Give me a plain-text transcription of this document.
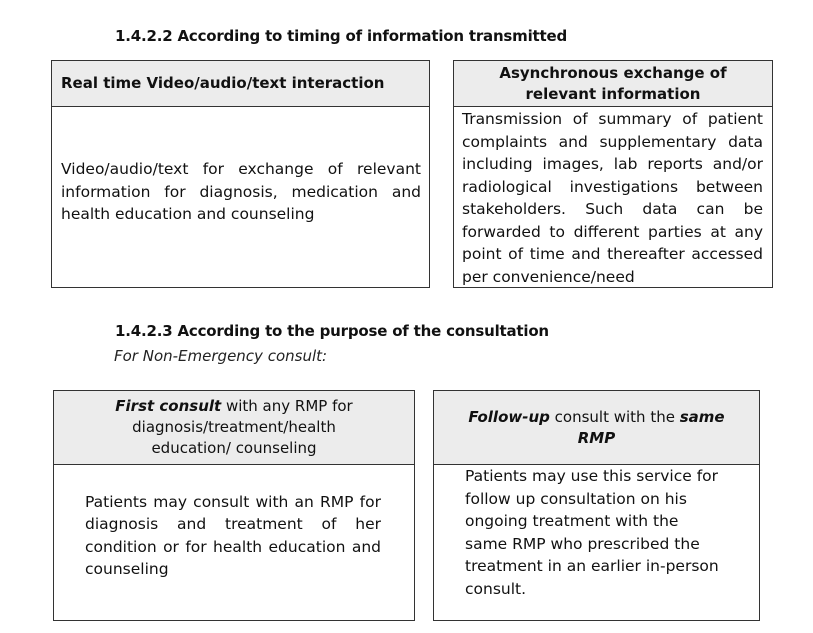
1.4.2.2 According to timing of information transmitted
Real time Video/audio/text interaction
Video/audio/text for exchange of relevant information for diagnosis, medication and health education and counseling
Asynchronous exchange of relevant information
Transmission of summary of patient complaints and supplementary data including images, lab reports and/or radiological investigations between stakeholders. Such data can be forwarded to different parties at any point of time and thereafter accessed per convenience/need
1.4.2.3 According to the purpose of the consultation
For Non-Emergency consult:
First consult with any RMP for diagnosis/treatment/health education/ counseling
Patients may consult with an RMP for diagnosis and treatment of her condition or for health education and counseling
Follow-up consult with the same RMP
Patients may use this service for follow up consultation on his ongoing treatment with the same RMP who prescribed the treatment in an earlier in-person consult.
